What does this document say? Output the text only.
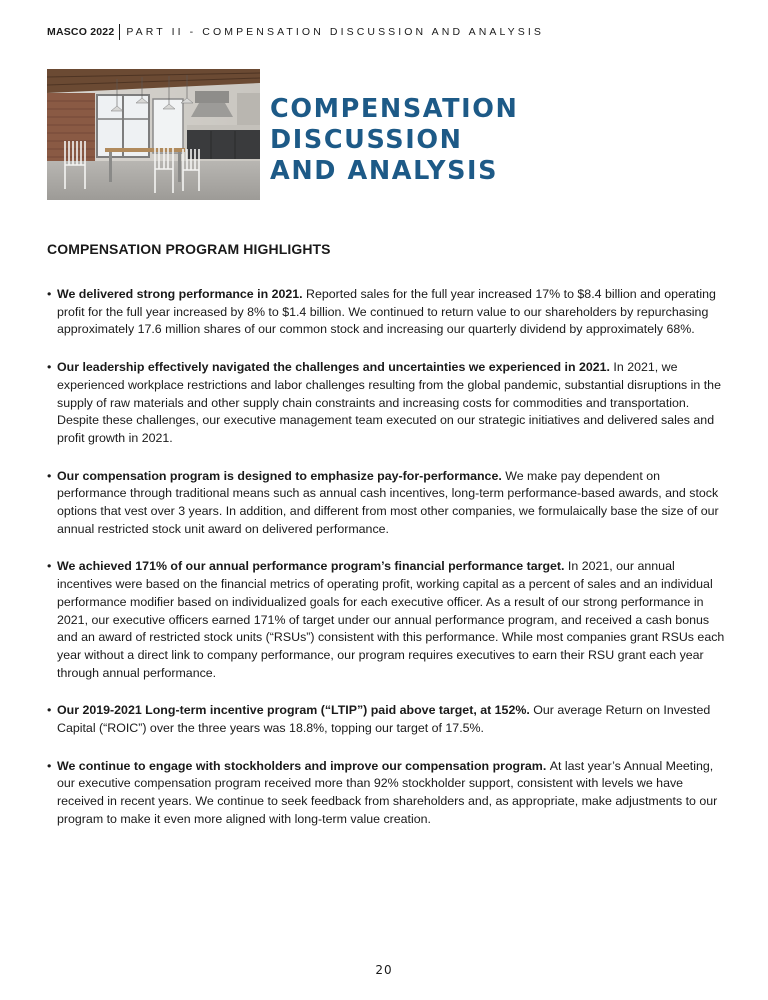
MASCO 2022 PART II - COMPENSATION DISCUSSION AND ANALYSIS
COMPENSATION
DISCUSSION
AND ANALYSIS
COMPENSATION PROGRAM HIGHLIGHTS
• We delivered strong performance in 2021. Reported sales for the full year increased 17% to $8.4 billion and operating profit for the full year increased by 8% to $1.4 billion. We continued to return value to our shareholders by repurchasing approximately 17.6 million shares of our common stock and increasing our quarterly dividend by approximately 68%.
• Our leadership effectively navigated the challenges and uncertainties we experienced in 2021. In 2021, we experienced workplace restrictions and labor challenges resulting from the global pandemic, substantial disruptions in the supply of raw materials and other supply chain constraints and increasing costs for commodities and transportation. Despite these challenges, our executive management team executed on our strategic initiatives and delivered sales and profit growth in 2021.
• Our compensation program is designed to emphasize pay-for-performance. We make pay dependent on performance through traditional means such as annual cash incentives, long-term performance-based awards, and stock options that vest over 3 years. In addition, and different from most other companies, we formulaically base the size of our annual restricted stock unit award on delivered performance.
• We achieved 171% of our annual performance program’s financial performance target. In 2021, our annual incentives were based on the financial metrics of operating profit, working capital as a percent of sales and an individual performance modifier based on individualized goals for each executive officer. As a result of our strong performance in 2021, our executive officers earned 171% of target under our annual performance program, and received a cash bonus and an award of restricted stock units (“RSUs”) consistent with this performance. While most companies grant RSUs each year without a direct link to company performance, our program requires executives to earn their RSU grant each year through annual performance.
• Our 2019-2021 Long-term incentive program (“LTIP”) paid above target, at 152%. Our average Return on Invested Capital (“ROIC”) over the three years was 18.8%, topping our target of 17.5%.
• We continue to engage with stockholders and improve our compensation program. At last year’s Annual Meeting, our executive compensation program received more than 92% stockholder support, consistent with levels we have received in recent years. We continue to seek feedback from shareholders and, as appropriate, make adjustments to our program to make it even more aligned with long-term value creation.
20
